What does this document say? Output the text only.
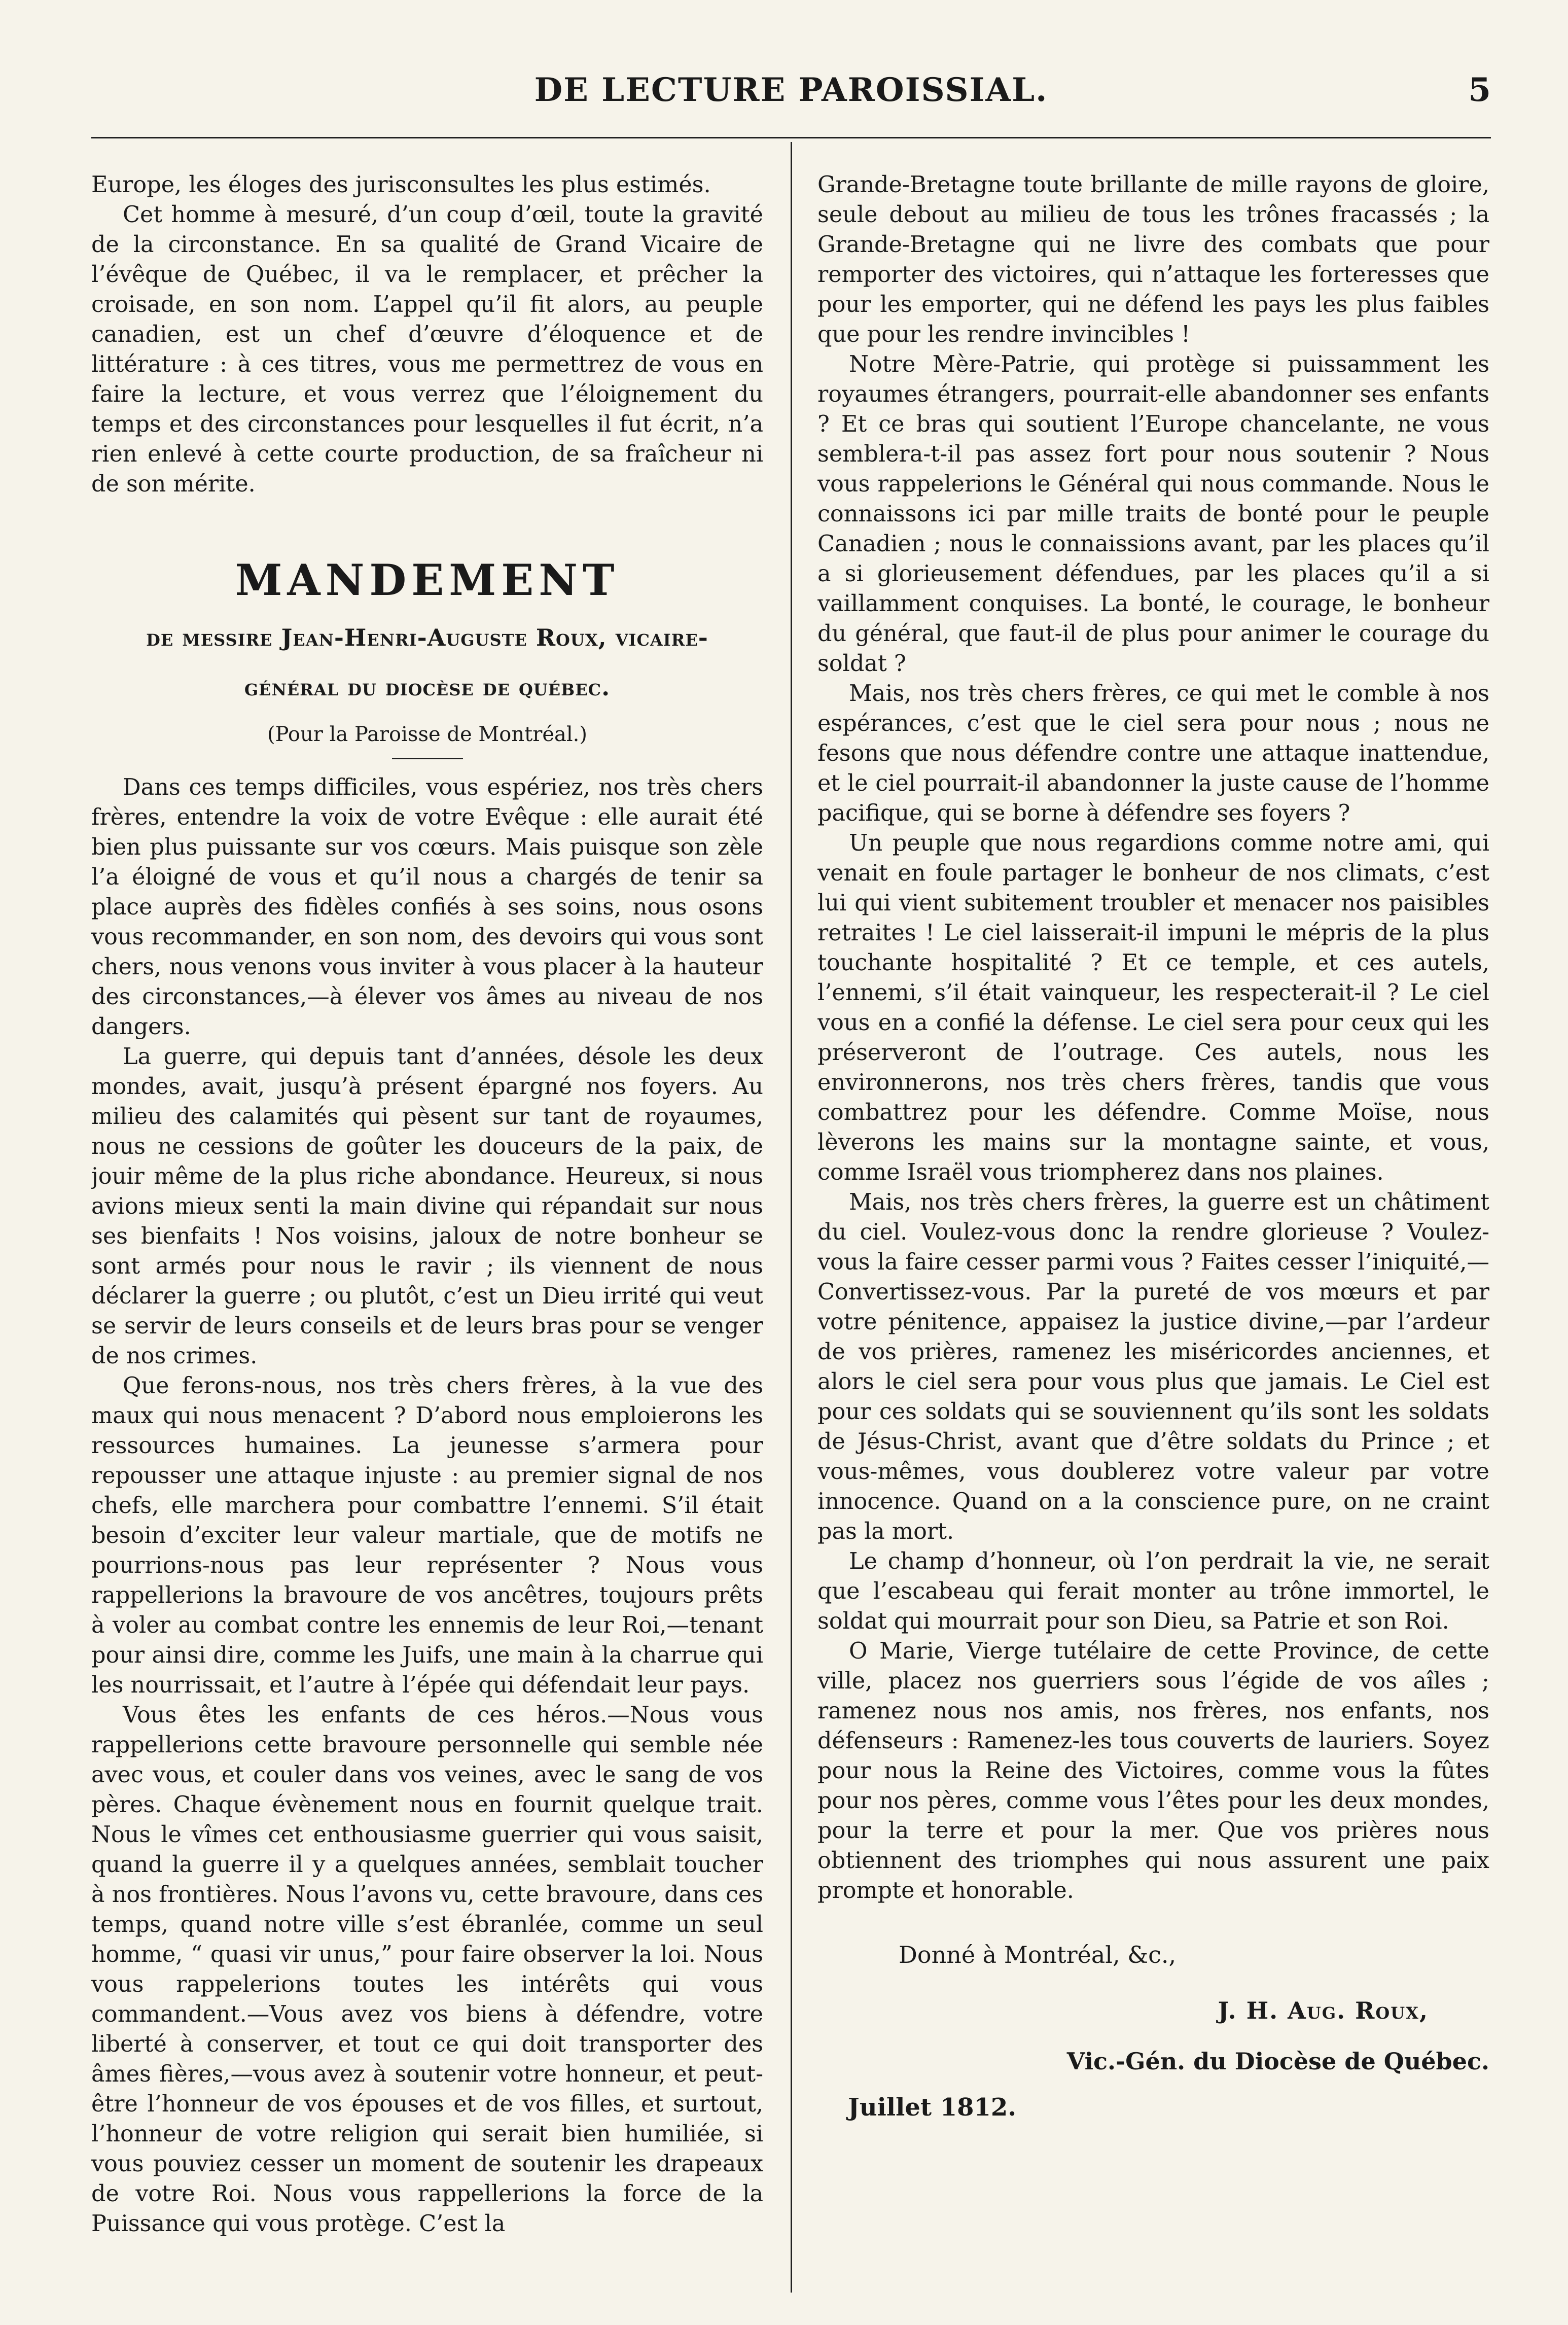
DE LECTURE PAROISSIAL.	5

Europe, les éloges des jurisconsultes les plus estimés.

Cet homme à mesuré, d’un coup d’œil, toute la gravité de la circonstance. En sa qualité de Grand Vicaire de l’évêque de Québec, il va le remplacer, et prêcher la croisade, en son nom. L’appel qu’il fit alors, au peuple canadien, est un chef d’œuvre d’éloquence et de littérature : à ces titres, vous me permettrez de vous en faire la lecture, et vous verrez que l’éloignement du temps et des circonstances pour lesquelles il fut écrit, n’a rien enlevé à cette courte production, de sa fraîcheur ni de son mérite.

MANDEMENT
de messire Jean-Henri-Auguste Roux, vicaire-
général du diocèse de québec.
(Pour la Paroisse de Montréal.)

Dans ces temps difficiles, vous espériez, nos très chers frères, entendre la voix de votre Evêque : elle aurait été bien plus puissante sur vos cœurs. Mais puisque son zèle l’a éloigné de vous et qu’il nous a chargés de tenir sa place auprès des fidèles confiés à ses soins, nous osons vous recommander, en son nom, des devoirs qui vous sont chers, nous venons vous inviter à vous placer à la hauteur des circonstances,—à élever vos âmes au niveau de nos dangers.

La guerre, qui depuis tant d’années, désole les deux mondes, avait, jusqu’à présent épargné nos foyers. Au milieu des calamités qui pèsent sur tant de royaumes, nous ne cessions de goûter les douceurs de la paix, de jouir même de la plus riche abondance. Heureux, si nous avions mieux senti la main divine qui répandait sur nous ses bienfaits ! Nos voisins, jaloux de notre bonheur se sont armés pour nous le ravir ; ils viennent de nous déclarer la guerre ; ou plutôt, c’est un Dieu irrité qui veut se servir de leurs conseils et de leurs bras pour se venger de nos crimes.

Que ferons-nous, nos très chers frères, à la vue des maux qui nous menacent ? D’abord nous emploierons les ressources humaines. La jeunesse s’armera pour repousser une attaque injuste : au premier signal de nos chefs, elle marchera pour combattre l’ennemi. S’il était besoin d’exciter leur valeur martiale, que de motifs ne pourrions-nous pas leur représenter ? Nous vous rappellerions la bravoure de vos ancêtres, toujours prêts à voler au combat contre les ennemis de leur Roi,—tenant pour ainsi dire, comme les Juifs, une main à la charrue qui les nourrissait, et l’autre à l’épée qui défendait leur pays.

Vous êtes les enfants de ces héros.—Nous vous rappellerions cette bravoure personnelle qui semble née avec vous, et couler dans vos veines, avec le sang de vos pères. Chaque évènement nous en fournit quelque trait. Nous le vîmes cet enthousiasme guerrier qui vous saisit, quand la guerre il y a quelques années, semblait toucher à nos frontières. Nous l’avons vu, cette bravoure, dans ces temps, quand notre ville s’est ébranlée, comme un seul homme, “ quasi vir unus,” pour faire observer la loi. Nous vous rappelerions toutes les intérêts qui vous commandent.—Vous avez vos biens à défendre, votre liberté à conserver, et tout ce qui doit transporter des âmes fières,—vous avez à soutenir votre honneur, et peut-être l’honneur de vos épouses et de vos filles, et surtout, l’honneur de votre religion qui serait bien humiliée, si vous pouviez cesser un moment de soutenir les drapeaux de votre Roi. Nous vous rappellerions la force de la Puissance qui vous protège. C’est la

Grande-Bretagne toute brillante de mille rayons de gloire, seule debout au milieu de tous les trônes fracassés ; la Grande-Bretagne qui ne livre des combats que pour remporter des victoires, qui n’attaque les forteresses que pour les emporter, qui ne défend les pays les plus faibles que pour les rendre invincibles !

Notre Mère-Patrie, qui protège si puissamment les royaumes étrangers, pourrait-elle abandonner ses enfants ? Et ce bras qui soutient l’Europe chancelante, ne vous semblera-t-il pas assez fort pour nous soutenir ? Nous vous rappelerions le Général qui nous commande. Nous le connaissons ici par mille traits de bonté pour le peuple Canadien ; nous le connaissions avant, par les places qu’il a si glorieusement défendues, par les places qu’il a si vaillamment conquises. La bonté, le courage, le bonheur du général, que faut-il de plus pour animer le courage du soldat ?

Mais, nos très chers frères, ce qui met le comble à nos espérances, c’est que le ciel sera pour nous ; nous ne fesons que nous défendre contre une attaque inattendue, et le ciel pourrait-il abandonner la juste cause de l’homme pacifique, qui se borne à défendre ses foyers ?

Un peuple que nous regardions comme notre ami, qui venait en foule partager le bonheur de nos climats, c’est lui qui vient subitement troubler et menacer nos paisibles retraites ! Le ciel laisserait-il impuni le mépris de la plus touchante hospitalité ? Et ce temple, et ces autels, l’ennemi, s’il était vainqueur, les respecterait-il ? Le ciel vous en a confié la défense. Le ciel sera pour ceux qui les préserveront de l’outrage. Ces autels, nous les environnerons, nos très chers frères, tandis que vous combattrez pour les défendre. Comme Moïse, nous lèverons les mains sur la montagne sainte, et vous, comme Israël vous triompherez dans nos plaines.

Mais, nos très chers frères, la guerre est un châtiment du ciel. Voulez-vous donc la rendre glorieuse ? Voulez-vous la faire cesser parmi vous ? Faites cesser l’iniquité,—Convertissez-vous. Par la pureté de vos mœurs et par votre pénitence, appaisez la justice divine,—par l’ardeur de vos prières, ramenez les miséricordes anciennes, et alors le ciel sera pour vous plus que jamais. Le Ciel est pour ces soldats qui se souviennent qu’ils sont les soldats de Jésus-Christ, avant que d’être soldats du Prince ; et vous-mêmes, vous doublerez votre valeur par votre innocence. Quand on a la conscience pure, on ne craint pas la mort.

Le champ d’honneur, où l’on perdrait la vie, ne serait que l’escabeau qui ferait monter au trône immortel, le soldat qui mourrait pour son Dieu, sa Patrie et son Roi.

O Marie, Vierge tutélaire de cette Province, de cette ville, placez nos guerriers sous l’égide de vos aîles ; ramenez nous nos amis, nos frères, nos enfants, nos défenseurs : Ramenez-les tous couverts de lauriers. Soyez pour nous la Reine des Victoires, comme vous la fûtes pour nos pères, comme vous l’êtes pour les deux mondes, pour la terre et pour la mer. Que vos prières nous obtiennent des triomphes qui nous assurent une paix prompte et honorable.

Donné à Montréal, &c.,
J. H. Aug. Roux,
Vic.-Gén. du Diocèse de Québec.
Juillet 1812.
